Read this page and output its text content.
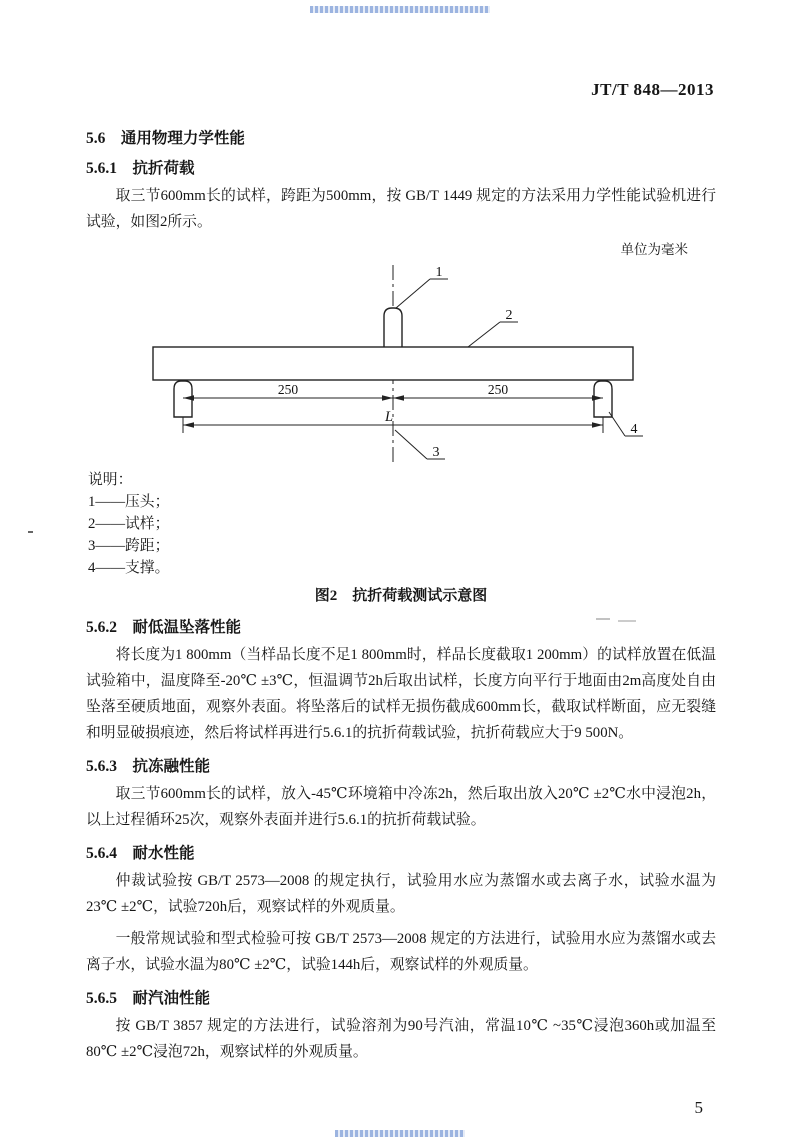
JT/T 848—2013
5.6　通用物理力学性能
5.6.1　抗折荷载

取三节600mm长的试样，跨距为500mm，按 GB/T 1449 规定的方法采用力学性能试验机进行试验，如图2所示。

单位为毫米
250	250
L
1
2
3
4
说明：
1——压头；
2——试样；
3——跨距；
4——支撑。
图2　抗折荷载测试示意图
5.6.2　耐低温坠落性能

将长度为1 800mm（当样品长度不足1 800mm时，样品长度截取1 200mm）的试样放置在低温试验箱中，温度降至-20℃ ±3℃，恒温调节2h后取出试样，长度方向平行于地面由2m高度处自由坠落至硬质地面，观察外表面。将坠落后的试样无损伤截成600mm长，截取试样断面，应无裂缝和明显破损痕迹，然后将试样再进行5.6.1的抗折荷载试验，抗折荷载应大于9 500N。

5.6.3　抗冻融性能

取三节600mm长的试样，放入-45℃环境箱中冷冻2h，然后取出放入20℃ ±2℃水中浸泡2h，以上过程循环25次，观察外表面并进行5.6.1的抗折荷载试验。

5.6.4　耐水性能

仲裁试验按 GB/T 2573—2008 的规定执行，试验用水应为蒸馏水或去离子水，试验水温为23℃ ±2℃，试验720h后，观察试样的外观质量。

一般常规试验和型式检验可按 GB/T 2573—2008 规定的方法进行，试验用水应为蒸馏水或去离子水，试验水温为80℃ ±2℃，试验144h后，观察试样的外观质量。

5.6.5　耐汽油性能

按 GB/T 3857 规定的方法进行，试验溶剂为90号汽油，常温10℃ ~35℃浸泡360h或加温至80℃ ±2℃浸泡72h，观察试样的外观质量。

5
